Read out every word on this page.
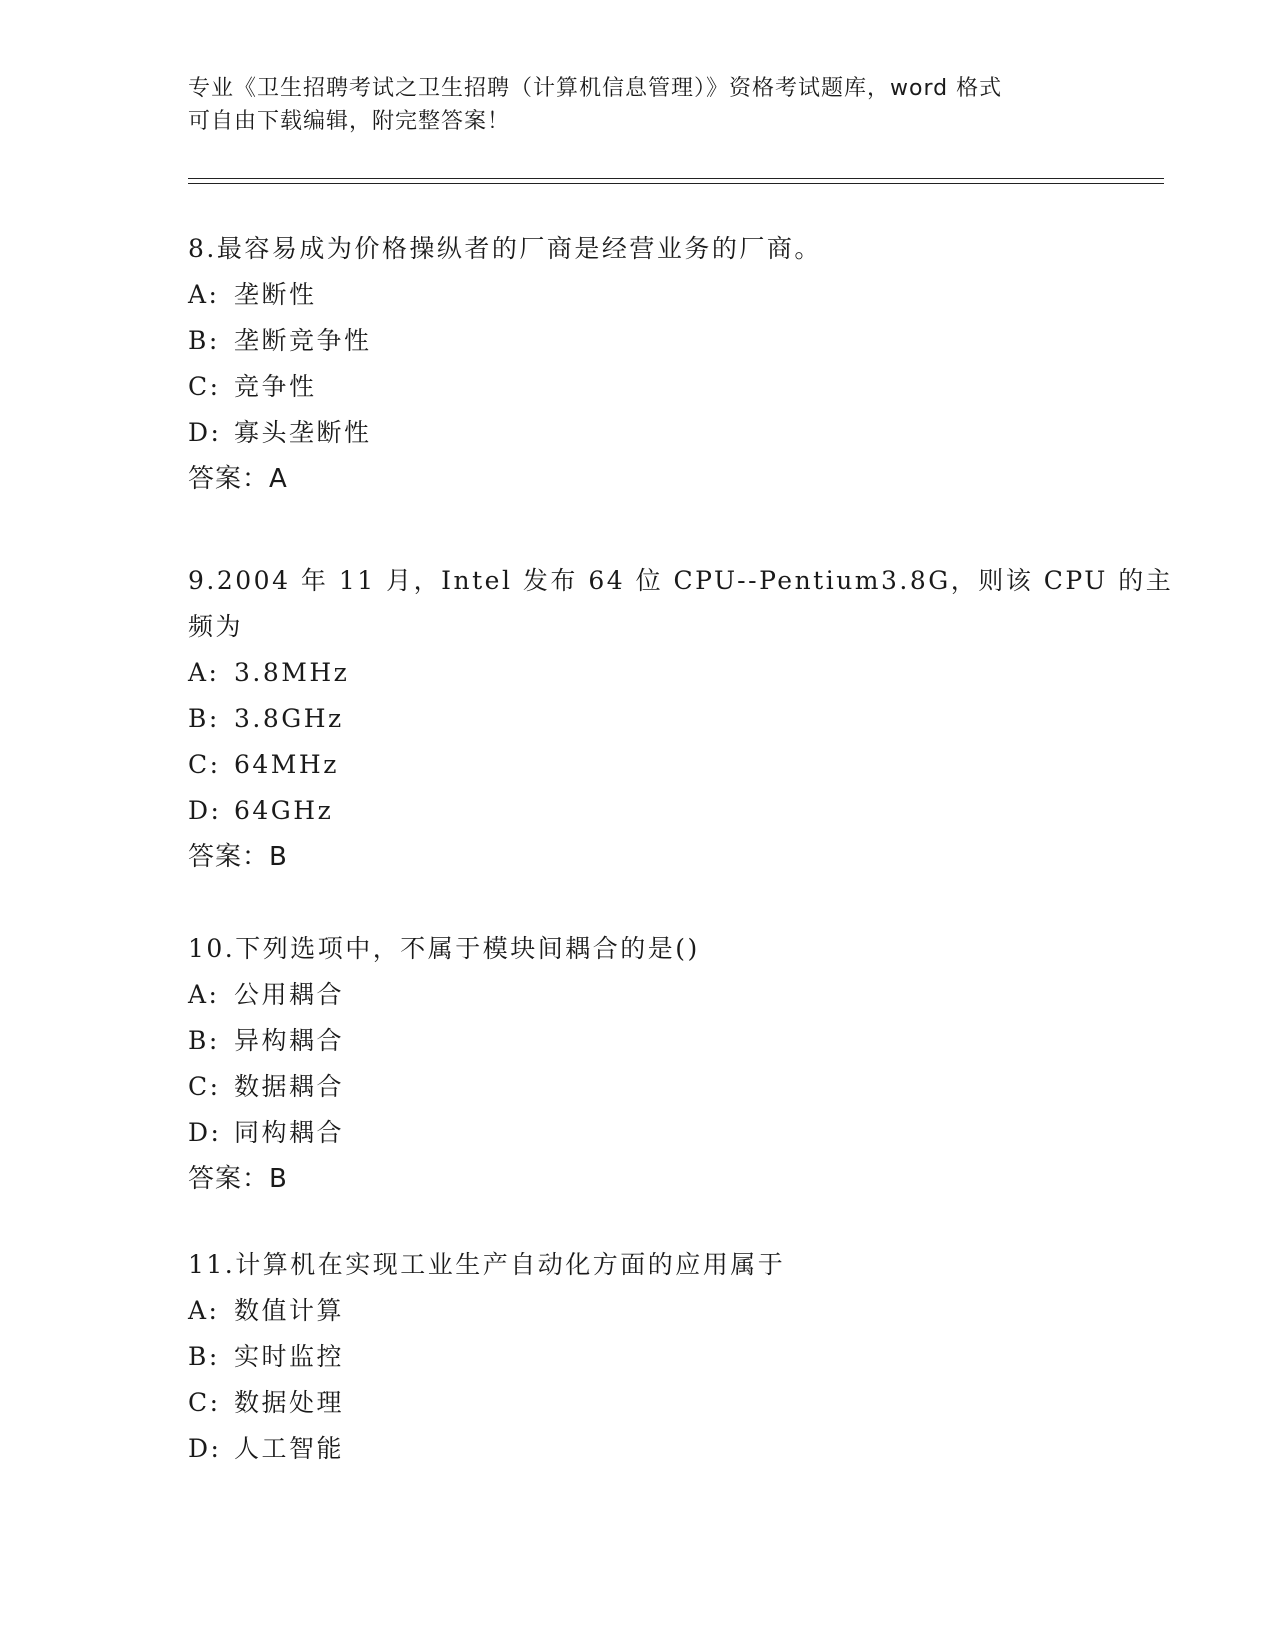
专业《卫生招聘考试之卫生招聘（计算机信息管理）》资格考试题库，word 格式

可自由下载编辑，附完整答案！

8.最容易成为价格操纵者的厂商是经营业务的厂商。
A: 垄断性
B: 垄断竞争性
C: 竞争性
D: 寡头垄断性
答案：A
9.2004 年 11 月，Intel 发布 64 位 CPU--Pentium3.8G，则该 CPU 的主
频为
A: 3.8MHz
B: 3.8GHz
C: 64MHz
D: 64GHz
答案：B
10.下列选项中，不属于模块间耦合的是()
A: 公用耦合
B: 异构耦合
C: 数据耦合
D: 同构耦合
答案：B
11.计算机在实现工业生产自动化方面的应用属于
A: 数值计算
B: 实时监控
C: 数据处理
D: 人工智能
